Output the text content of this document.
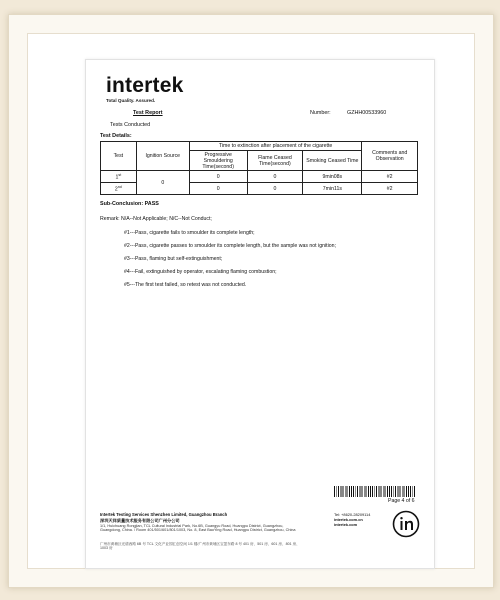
intertek
Total Quality. Assured.
Test Report	Number:	GZHH00533960
Tests Conducted
Test Details:
Test	Ignition Source	Time to extinction after placement of the cigarette			Comments and Observation
		Progressive Smouldering Time(second)	Flame Ceased Time(second)	Smoking Ceased Time	
1st	0	0	0	9min08s	#2
2nd		0	0	7min11s	#2
Sub-Conclusion: PASS
Remark: N/A--Not Applicable; N/C--Not Conduct;
#1---Pass, cigarette fails to smoulder its complete length;
#2---Pass, cigarette passes to smoulder its complete length, but the sample was not ignition;
#3---Pass, flaming but self-extinguishment;
#4---Fail, extinguished by operator, escalating flaming combustion;
#5---The first test failed, so retest was not conducted.
Page 4 of 6
Intertek Testing Services Shenzhen Limited, Guangzhou Branch
深圳天祥质量技术服务有限公司广州分公司
1/1, Huichuang Rongjian, TCL Cultural Industrial Park, No.6B, Guangyu Road, Huangpu District, Guangzhou, Guangdong, China. / Room 401/501/601/801/1003, No. 8, East BaoYing Road, Huangpu District, Guangzhou, China
广州市黄埔区光谱西路 6B 号 TCL 文化产业园汇创空间 1/1 楼/广州市黄埔区宝盈东路 8 号 401 房、501 房、601 房、801 房、1003 房
Tel: +8620-28209114
intertek.com.cn
intertek.com
